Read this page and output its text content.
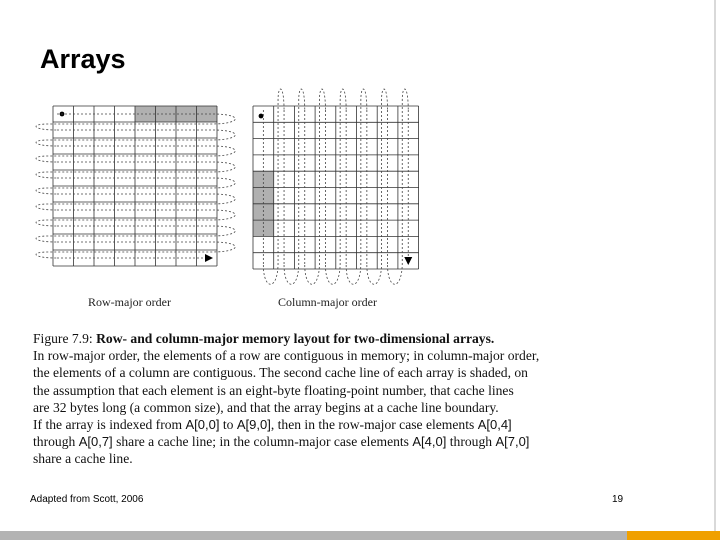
Arrays
Row-major order	Column-major order
Figure 7.9: Row- and column-major memory layout for two-dimensional arrays.
In row-major order, the elements of a row are contiguous in memory; in column-major order,
the elements of a column are contiguous. The second cache line of each array is shaded, on
the assumption that each element is an eight-byte floating-point number, that cache lines
are 32 bytes long (a common size), and that the array begins at a cache line boundary.
If the array is indexed from A[0,0] to A[9,0], then in the row-major case elements A[0,4]
through A[0,7] share a cache line; in the column-major case elements A[4,0] through A[7,0]
share a cache line.
Adapted from Scott, 2006	19
